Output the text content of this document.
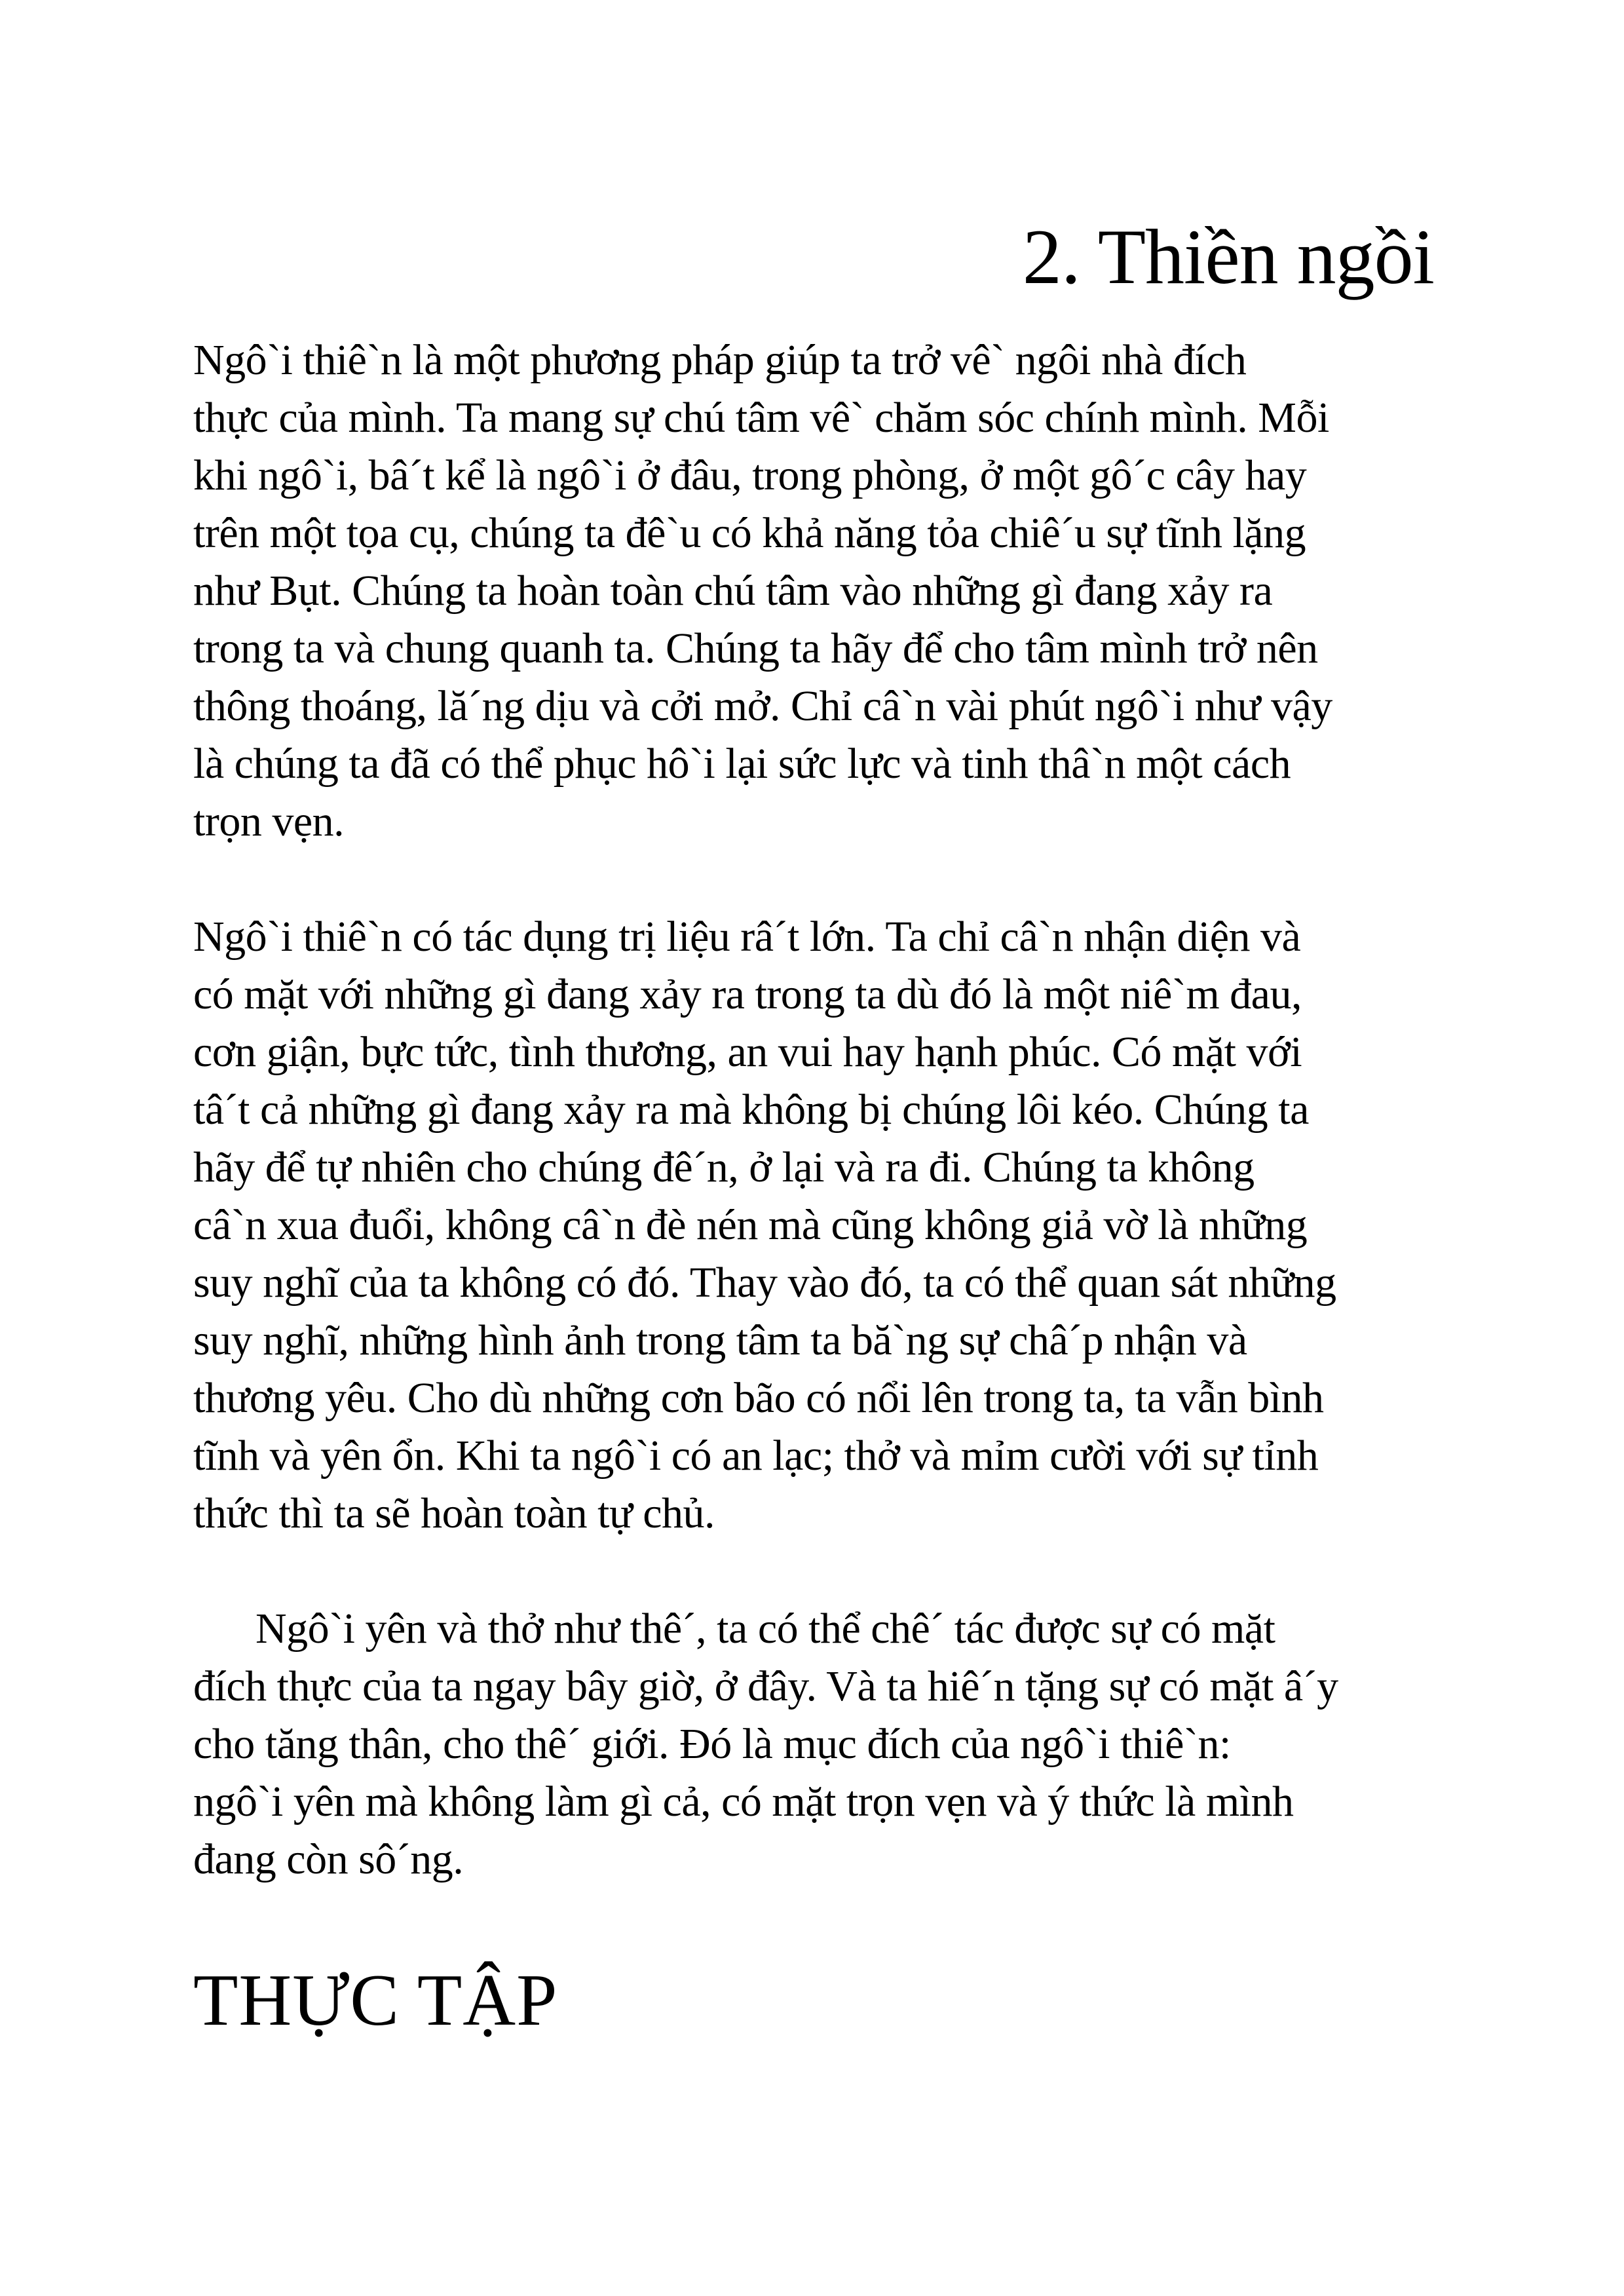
2. Thiền ngồi
Ngô`i thiê`n là một phương pháp giúp ta trở vê` ngôi nhà đích
thực của mình. Ta mang sự chú tâm vê` chăm sóc chính mình. Mỗi
khi ngô`i, bâ´t kể là ngô`i ở đâu, trong phòng, ở một gô´c cây hay
trên một tọa cụ, chúng ta đê`u có khả năng tỏa chiê´u sự tĩnh lặng
như Bụt. Chúng ta hoàn toàn chú tâm vào những gì đang xảy ra
trong ta và chung quanh ta. Chúng ta hãy để cho tâm mình trở nên
thông thoáng, lă´ng dịu và cởi mở. Chỉ câ`n vài phút ngô`i như vậy
là chúng ta đã có thể phục hô`i lại sức lực và tinh thâ`n một cách
trọn vẹn.
Ngô`i thiê`n có tác dụng trị liệu râ´t lớn. Ta chỉ câ`n nhận diện và
có mặt với những gì đang xảy ra trong ta dù đó là một niê`m đau,
cơn giận, bực tức, tình thương, an vui hay hạnh phúc. Có mặt với
tâ´t cả những gì đang xảy ra mà không bị chúng lôi kéo. Chúng ta
hãy để tự nhiên cho chúng đê´n, ở lại và ra đi. Chúng ta không
câ`n xua đuổi, không câ`n đè nén mà cũng không giả vờ là những
suy nghĩ của ta không có đó. Thay vào đó, ta có thể quan sát những
suy nghĩ, những hình ảnh trong tâm ta bă`ng sự châ´p nhận và
thương yêu. Cho dù những cơn bão có nổi lên trong ta, ta vẫn bình
tĩnh và yên ổn. Khi ta ngô`i có an lạc; thở và mỉm cười với sự tỉnh
thức thì ta sẽ hoàn toàn tự chủ.
Ngô`i yên và thở như thê´, ta có thể chê´ tác được sự có mặt
đích thực của ta ngay bây giờ, ở đây. Và ta hiê´n tặng sự có mặt â´y
cho tăng thân, cho thê´ giới. Đó là mục đích của ngô`i thiê`n:
ngô`i yên mà không làm gì cả, có mặt trọn vẹn và ý thức là mình
đang còn sô´ng.
THỰC TẬP
